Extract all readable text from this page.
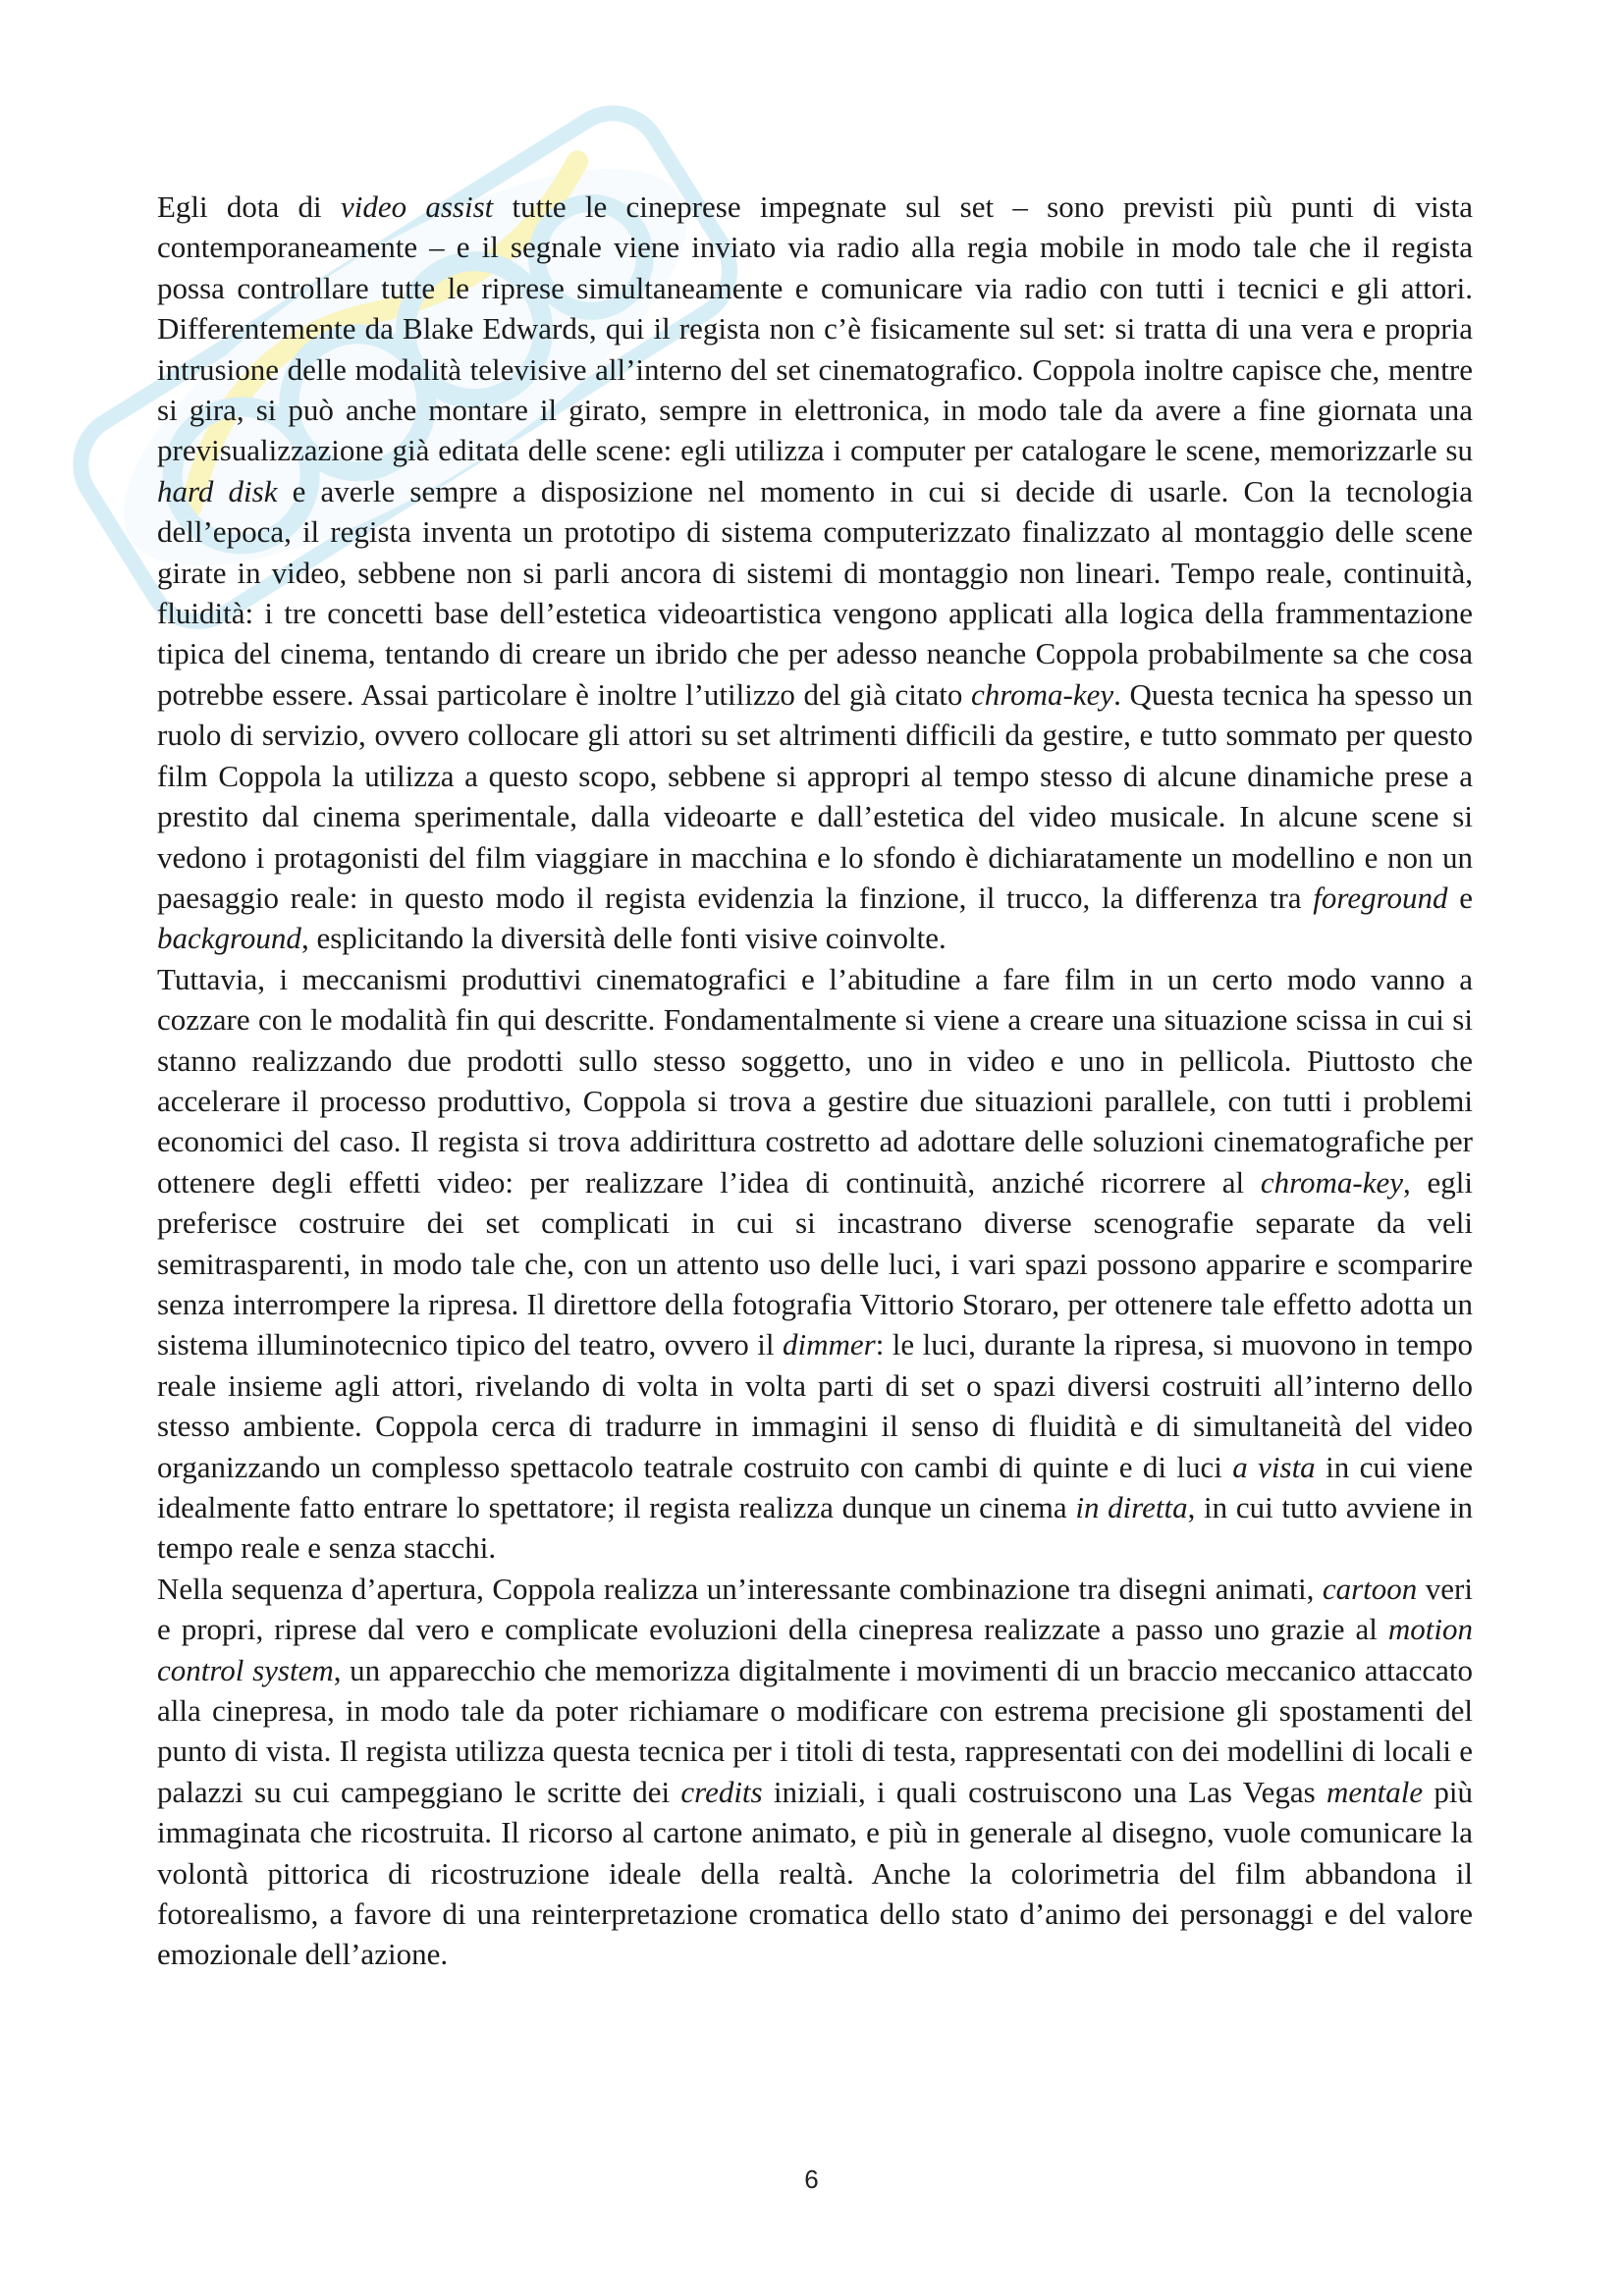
Egli dota di video assist tutte le cineprese impegnate sul set – sono previsti più punti di vista contemporaneamente – e il segnale viene inviato via radio alla regia mobile in modo tale che il regista possa controllare tutte le riprese simultaneamente e comunicare via radio con tutti i tecnici e gli attori. Differentemente da Blake Edwards, qui il regista non c’è fisicamente sul set: si tratta di una vera e propria intrusione delle modalità televisive all’interno del set cinematografico. Coppola inoltre capisce che, mentre si gira, si può anche montare il girato, sempre in elettronica, in modo tale da avere a fine giornata una previsualizzazione già editata delle scene: egli utilizza i computer per catalogare le scene, memorizzarle su hard disk e averle sempre a disposizione nel momento in cui si decide di usarle. Con la tecnologia dell’epoca, il regista inventa un prototipo di sistema computerizzato finalizzato al montaggio delle scene girate in video, sebbene non si parli ancora di sistemi di montaggio non lineari. Tempo reale, continuità, fluidità: i tre concetti base dell’estetica videoartistica vengono applicati alla logica della frammentazione tipica del cinema, tentando di creare un ibrido che per adesso neanche Coppola probabilmente sa che cosa potrebbe essere. Assai particolare è inoltre l’utilizzo del già citato chroma-key. Questa tecnica ha spesso un ruolo di servizio, ovvero collocare gli attori su set altrimenti difficili da gestire, e tutto sommato per questo film Coppola la utilizza a questo scopo, sebbene si appropri al tempo stesso di alcune dinamiche prese a prestito dal cinema sperimentale, dalla videoarte e dall’estetica del video musicale. In alcune scene si vedono i protagonisti del film viaggiare in macchina e lo sfondo è dichiaratamente un modellino e non un paesaggio reale: in questo modo il regista evidenzia la finzione, il trucco, la differenza tra foreground e background, esplicitando la diversità delle fonti visive coinvolte.

Tuttavia, i meccanismi produttivi cinematografici e l’abitudine a fare film in un certo modo vanno a cozzare con le modalità fin qui descritte. Fondamentalmente si viene a creare una situazione scissa in cui si stanno realizzando due prodotti sullo stesso soggetto, uno in video e uno in pellicola. Piuttosto che accelerare il processo produttivo, Coppola si trova a gestire due situazioni parallele, con tutti i problemi economici del caso. Il regista si trova addirittura costretto ad adottare delle soluzioni cinematografiche per ottenere degli effetti video: per realizzare l’idea di continuità, anziché ricorrere al chroma-key, egli preferisce costruire dei set complicati in cui si incastrano diverse scenografie separate da veli semitrasparenti, in modo tale che, con un attento uso delle luci, i vari spazi possono apparire e scomparire senza interrompere la ripresa. Il direttore della fotografia Vittorio Storaro, per ottenere tale effetto adotta un sistema illuminotecnico tipico del teatro, ovvero il dimmer: le luci, durante la ripresa, si muovono in tempo reale insieme agli attori, rivelando di volta in volta parti di set o spazi diversi costruiti all’interno dello stesso ambiente. Coppola cerca di tradurre in immagini il senso di fluidità e di simultaneità del video organizzando un complesso spettacolo teatrale costruito con cambi di quinte e di luci a vista in cui viene idealmente fatto entrare lo spettatore; il regista realizza dunque un cinema in diretta, in cui tutto avviene in tempo reale e senza stacchi.

Nella sequenza d’apertura, Coppola realizza un’interessante combinazione tra disegni animati, cartoon veri e propri, riprese dal vero e complicate evoluzioni della cinepresa realizzate a passo uno grazie al motion control system, un apparecchio che memorizza digitalmente i movimenti di un braccio meccanico attaccato alla cinepresa, in modo tale da poter richiamare o modificare con estrema precisione gli spostamenti del punto di vista. Il regista utilizza questa tecnica per i titoli di testa, rappresentati con dei modellini di locali e palazzi su cui campeggiano le scritte dei credits iniziali, i quali costruiscono una Las Vegas mentale più immaginata che ricostruita. Il ricorso al cartone animato, e più in generale al disegno, vuole comunicare la volontà pittorica di ricostruzione ideale della realtà. Anche la colorimetria del film abbandona il fotorealismo, a favore di una reinterpretazione cromatica dello stato d’animo dei personaggi e del valore emozionale dell’azione.

6
